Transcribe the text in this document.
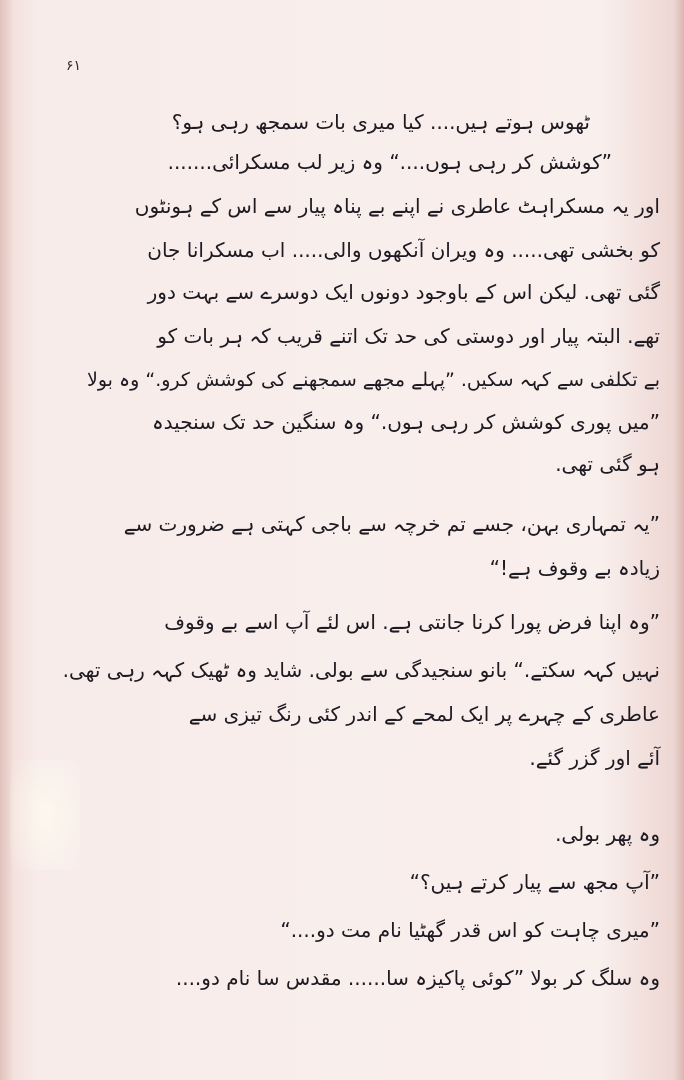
۶۱
ٹھوس ہوتے ہیں.... کیا میری بات سمجھ رہی ہو؟
”کوشش کر رہی ہوں....“ وہ زیر لب مسکرائی.......
اور یہ مسکراہٹ عاطری نے اپنے بے پناہ پیار سے اس کے ہونٹوں
کو بخشی تھی..... وہ ویران آنکھوں والی..... اب مسکرانا جان
گئی تھی. لیکن اس کے باوجود دونوں ایک دوسرے سے بہت دور
تھے. البتہ پیار اور دوستی کی حد تک اتنے قریب کہ ہر بات کو
بے تکلفی سے کہہ سکیں. ”پہلے مجھے سمجھنے کی کوشش کرو.“ وہ بولا
”میں پوری کوشش کر رہی ہوں.“ وہ سنگین حد تک سنجیدہ
ہو گئی تھی.
”یہ تمہاری بہن، جسے تم خرچہ سے باجی کہتی ہے ضرورت سے
زیادہ بے وقوف ہے!“
”وہ اپنا فرض پورا کرنا جانتی ہے. اس لئے آپ اسے بے وقوف
نہیں کہہ سکتے.“ بانو سنجیدگی سے بولی. شاید وہ ٹھیک کہہ رہی تھی.
عاطری کے چہرے پر ایک لمحے کے اندر کئی رنگ تیزی سے
آئے اور گزر گئے.
وہ پھر بولی.
”آپ مجھ سے پیار کرتے ہیں؟“
”میری چاہت کو اس قدر گھٹیا نام مت دو....“
وہ سلگ کر بولا ”کوئی پاکیزہ سا...... مقدس سا نام دو....
